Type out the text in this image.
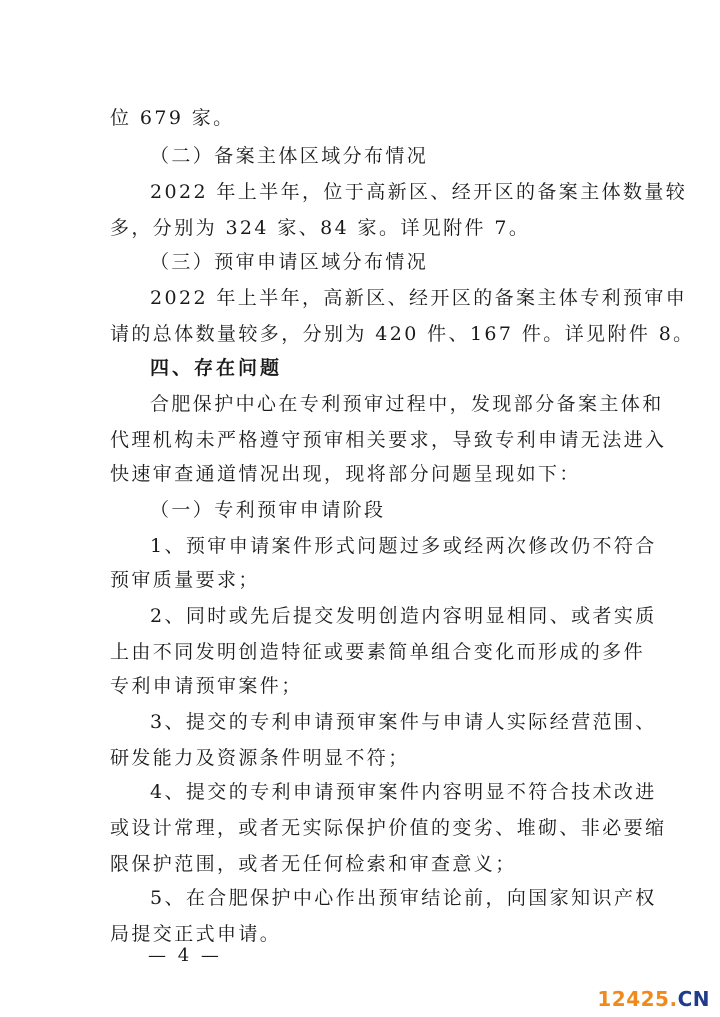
位 679 家。
（二）备案主体区域分布情况
2022 年上半年，位于高新区、经开区的备案主体数量较
多，分别为 324 家、84 家。详见附件 7。
（三）预审申请区域分布情况
2022 年上半年，高新区、经开区的备案主体专利预审申
请的总体数量较多，分别为 420 件、167 件。详见附件 8。
四、存在问题
合肥保护中心在专利预审过程中，发现部分备案主体和
代理机构未严格遵守预审相关要求，导致专利申请无法进入
快速审查通道情况出现，现将部分问题呈现如下：
（一）专利预审申请阶段
1、预审申请案件形式问题过多或经两次修改仍不符合
预审质量要求；
2、同时或先后提交发明创造内容明显相同、或者实质
上由不同发明创造特征或要素简单组合变化而形成的多件
专利申请预审案件；
3、提交的专利申请预审案件与申请人实际经营范围、
研发能力及资源条件明显不符；
4、提交的专利申请预审案件内容明显不符合技术改进
或设计常理，或者无实际保护价值的变劣、堆砌、非必要缩
限保护范围，或者无任何检索和审查意义；
5、在合肥保护中心作出预审结论前，向国家知识产权
局提交正式申请。
— 4 —
12425.CN
